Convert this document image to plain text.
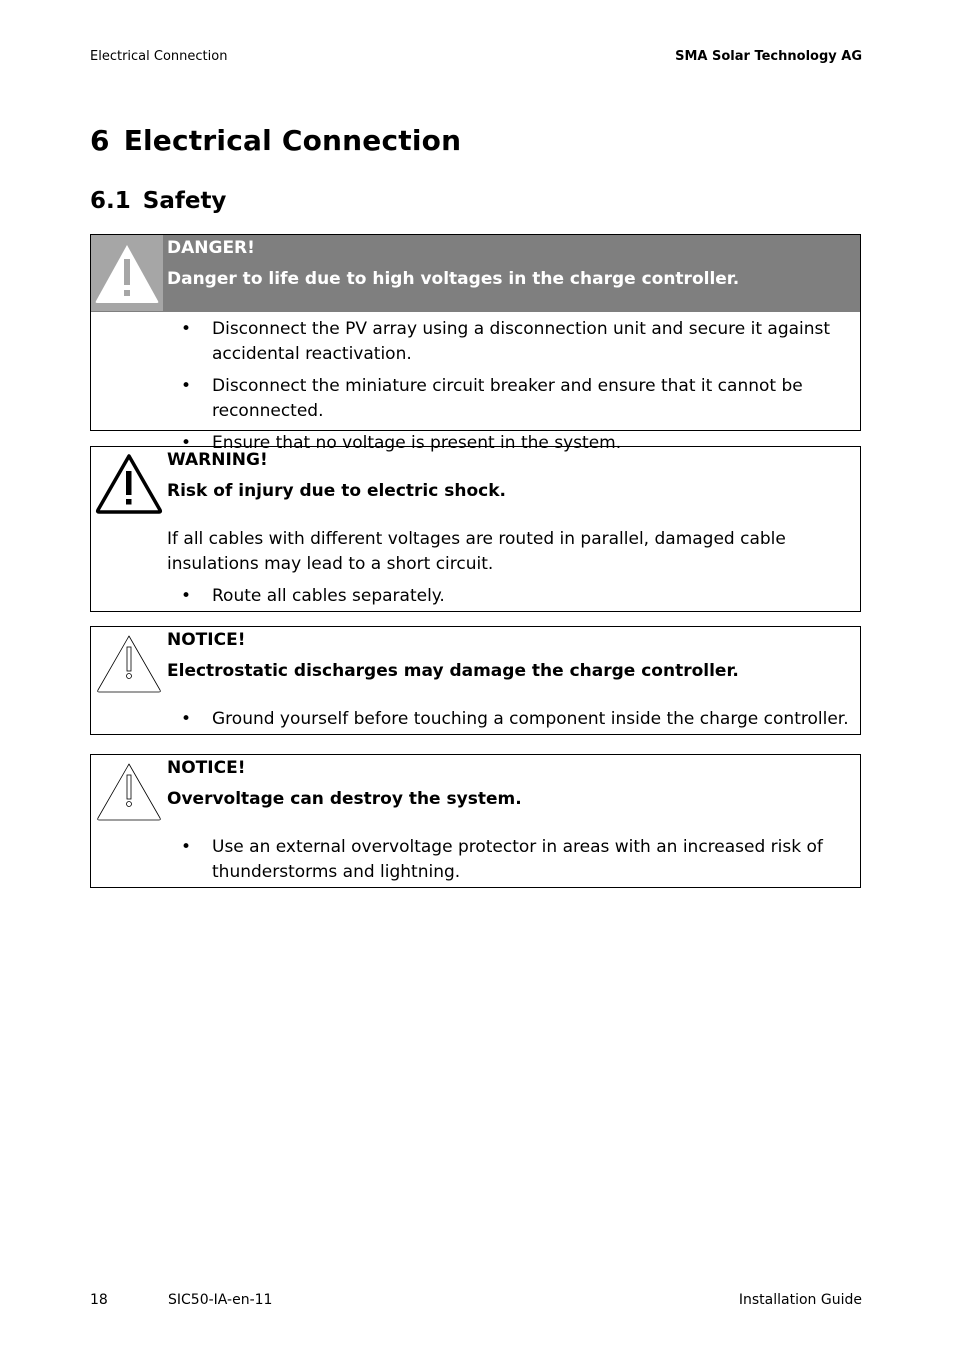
Electrical Connection	SMA Solar Technology AG
6 Electrical Connection
6.1 Safety
DANGER!
Danger to life due to high voltages in the charge controller.
• Disconnect the PV array using a disconnection unit and secure it against accidental reactivation.
• Disconnect the miniature circuit breaker and ensure that it cannot be reconnected.
• Ensure that no voltage is present in the system.
WARNING!
Risk of injury due to electric shock.
If all cables with different voltages are routed in parallel, damaged cable insulations may lead to a short circuit.
• Route all cables separately.
NOTICE!
Electrostatic discharges may damage the charge controller.
• Ground yourself before touching a component inside the charge controller.
NOTICE!
Overvoltage can destroy the system.
• Use an external overvoltage protector in areas with an increased risk of thunderstorms and lightning.
18	SIC50-IA-en-11	Installation Guide
